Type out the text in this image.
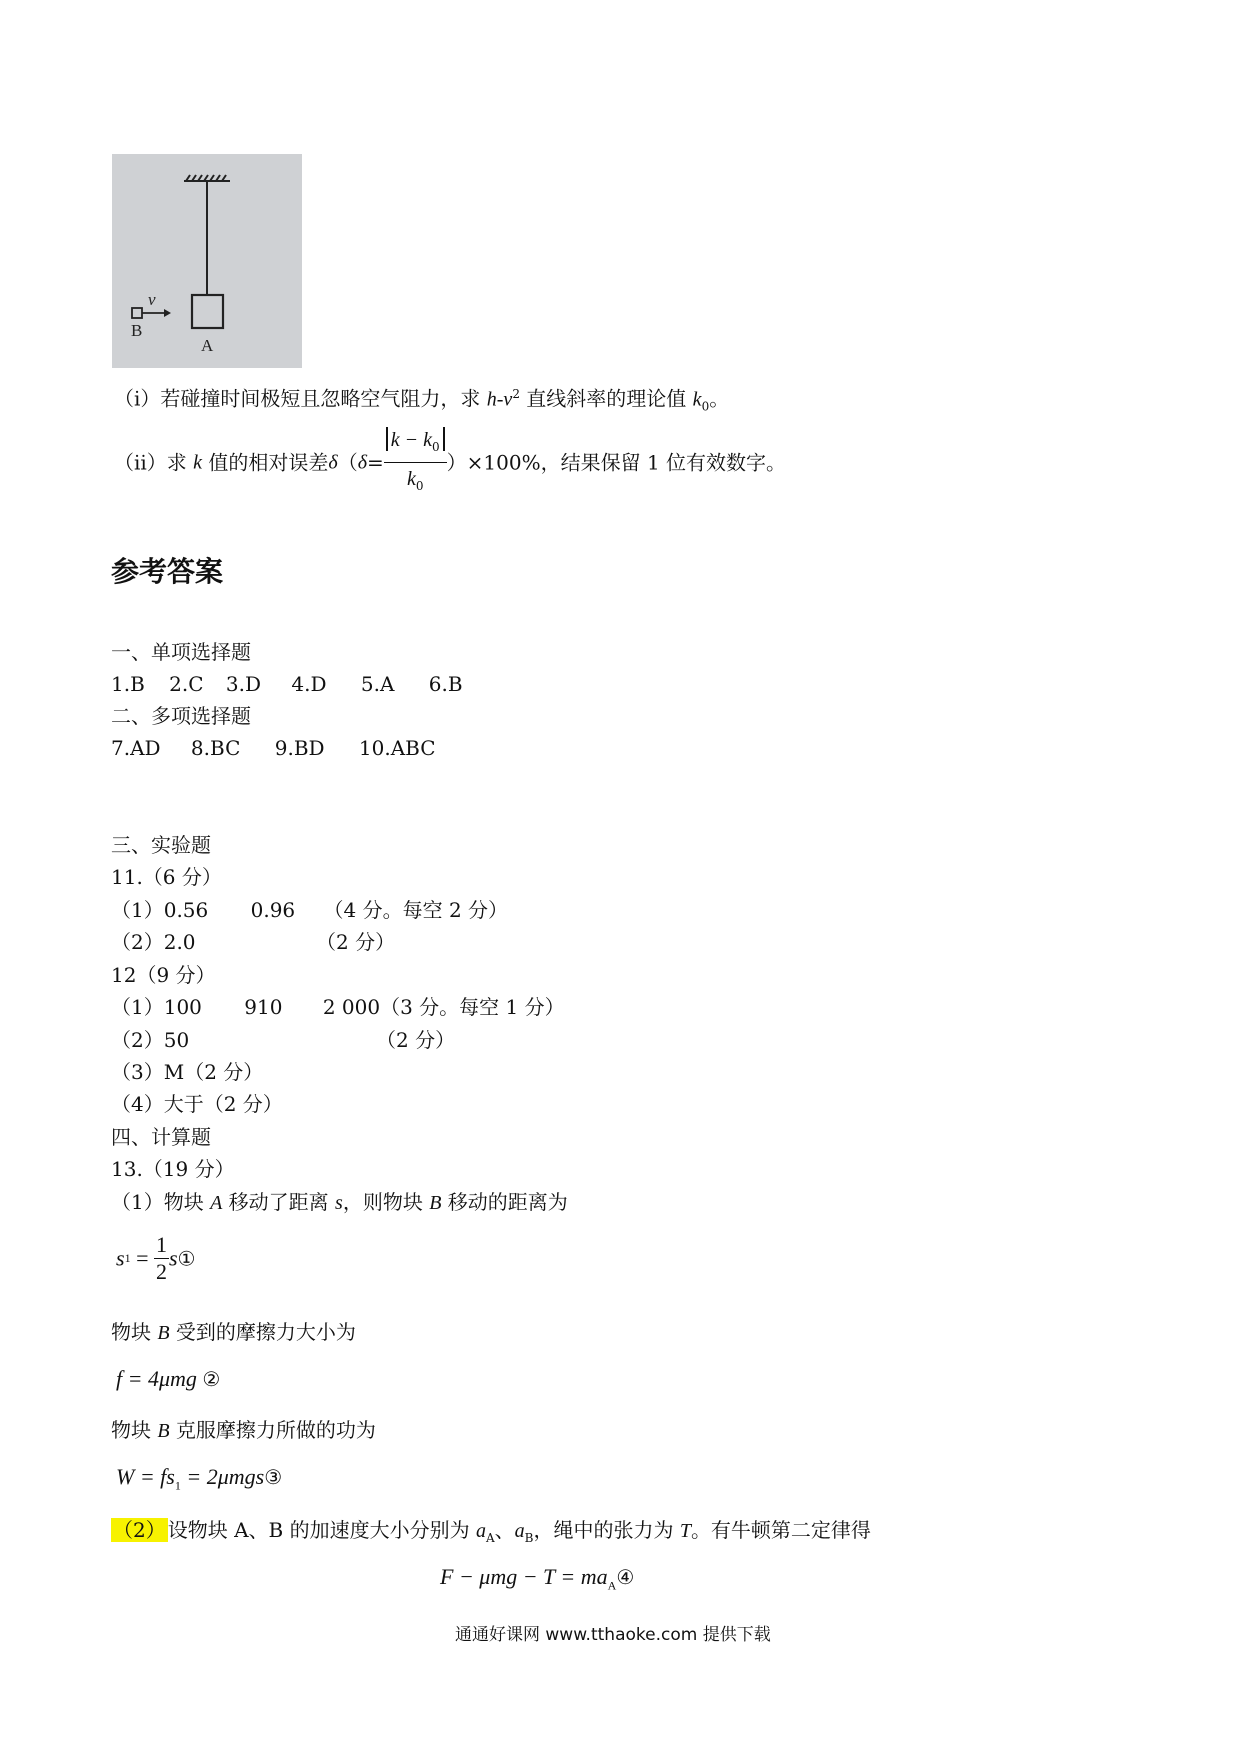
v
B
A
（i）若碰撞时间极短且忽略空气阻力，求 $h-v^2$ 直线斜率的理论值 $k_0$。
（ii）求 k 值的相对误差$\delta(\delta= \frac{k - k_0}{k_0} )\times 100\%$，结果保留 1 位有效数字。
参考答案
一、单项选择题
1.B 2.C 3.D 4.D 5.A 6.B
二、多项选择题
7.AD 8.BC 9.BD 10.ABC
三、实验题
11.（6 分）
（1）0.56 0.96 （4 分。每空 2 分）
（2）2.0	（2 分）
12（9 分）
（1）100 910 2 000（3 分。每空 1 分）
（2）50	（2 分）
（3）M（2 分）
（4）大于（2 分）
四、计算题
13.（19 分）
（1）物块 A 移动了距离 s，则物块 B 移动的距离为
$s1 = \frac{1}{2}$ s①
物块 B 受到的摩擦力大小为
f = 4μmg ②
物块 B 克服摩擦力所做的功为
$W = fs_1$ = 2μmgs③
（2） 设物块 A、B 的加速度大小分别为 $a_A$、$a_B$，绳中的张力为 T。有牛顿第二定律得
$F - \mu mg - T = ma_A④$
通通好课网 www.tthaoke.com 提供下载
